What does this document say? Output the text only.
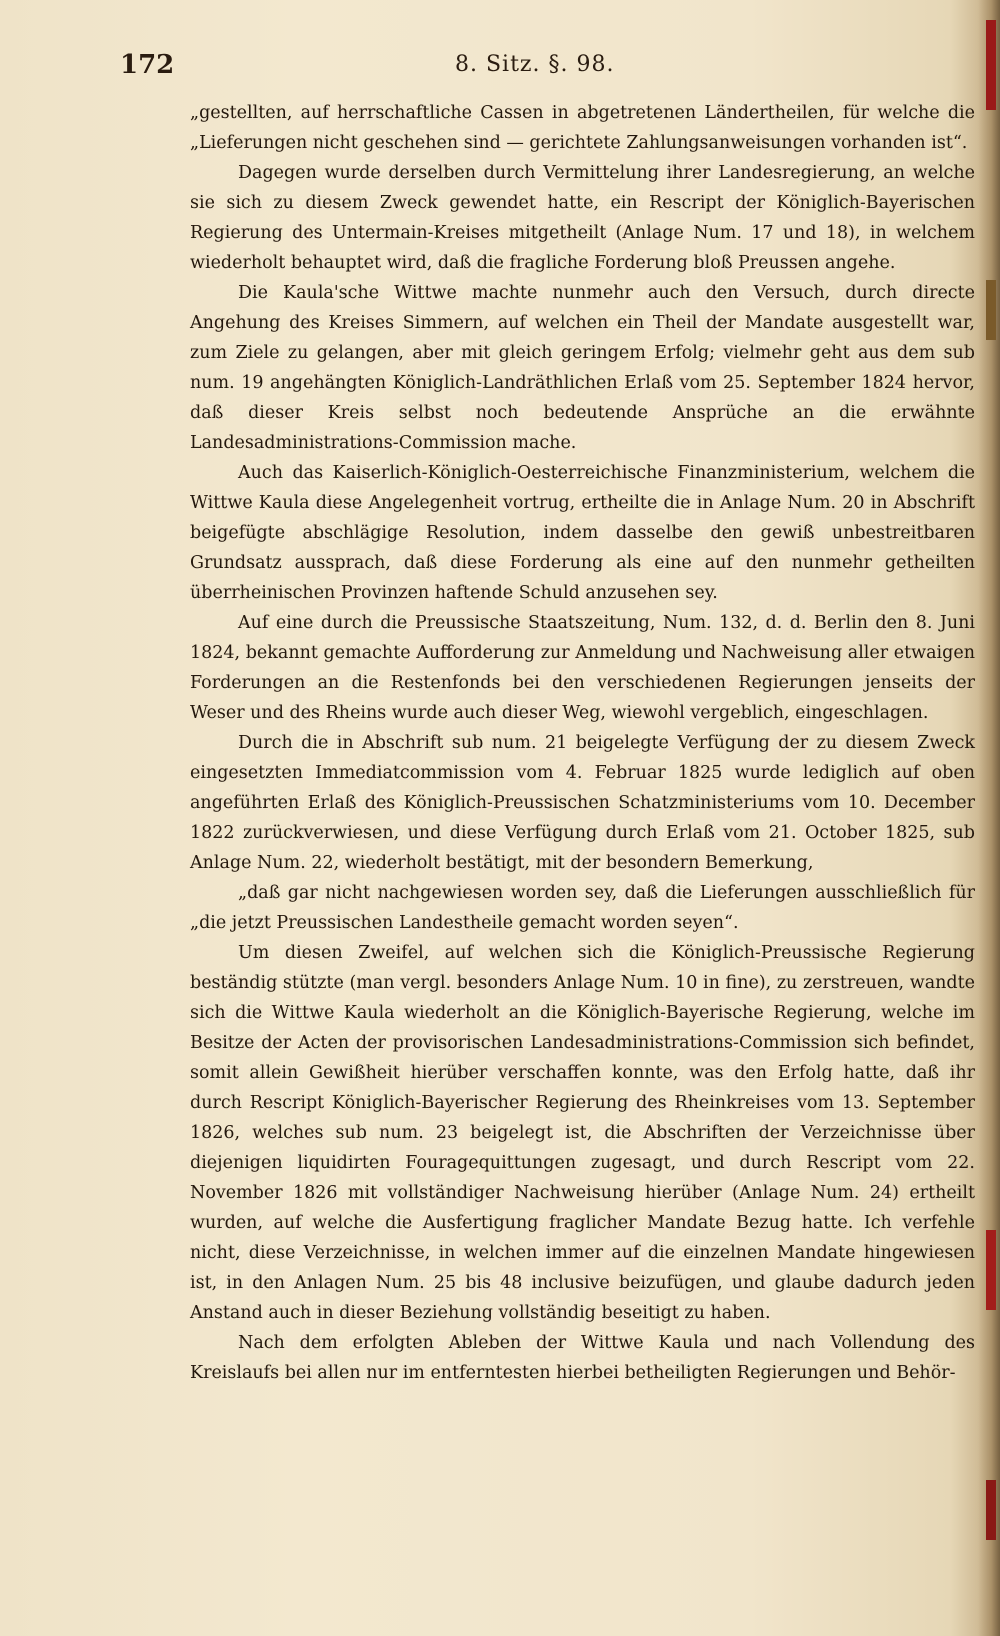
172	8. Sitz. §. 98.

„gestellten, auf herrschaftliche Cassen in abgetretenen Ländertheilen, für welche die „Lieferungen nicht geschehen sind — gerichtete Zahlungsanweisungen vorhanden ist“.

Dagegen wurde derselben durch Vermittelung ihrer Landesregierung, an welche sie sich zu diesem Zweck gewendet hatte, ein Rescript der Königlich-Bayerischen Regierung des Untermain-Kreises mitgetheilt (Anlage Num. 17 und 18), in welchem wiederholt behauptet wird, daß die fragliche Forderung bloß Preussen angehe.

Die Kaula'sche Wittwe machte nunmehr auch den Versuch, durch directe Angehung des Kreises Simmern, auf welchen ein Theil der Mandate ausgestellt war, zum Ziele zu gelangen, aber mit gleich geringem Erfolg; vielmehr geht aus dem sub num. 19 angehängten Königlich-Landräthlichen Erlaß vom 25. September 1824 hervor, daß dieser Kreis selbst noch bedeutende Ansprüche an die erwähnte Landesadministrations-Commission mache.

Auch das Kaiserlich-Königlich-Oesterreichische Finanzministerium, welchem die Wittwe Kaula diese Angelegenheit vortrug, ertheilte die in Anlage Num. 20 in Abschrift beigefügte abschlägige Resolution, indem dasselbe den gewiß unbestreitbaren Grundsatz aussprach, daß diese Forderung als eine auf den nunmehr getheilten überrheinischen Provinzen haftende Schuld anzusehen sey.

Auf eine durch die Preussische Staatszeitung, Num. 132, d. d. Berlin den 8. Juni 1824, bekannt gemachte Aufforderung zur Anmeldung und Nachweisung aller etwaigen Forderungen an die Restenfonds bei den verschiedenen Regierungen jenseits der Weser und des Rheins wurde auch dieser Weg, wiewohl vergeblich, eingeschlagen.

Durch die in Abschrift sub num. 21 beigelegte Verfügung der zu diesem Zweck eingesetzten Immediatcommission vom 4. Februar 1825 wurde lediglich auf oben angeführten Erlaß des Königlich-Preussischen Schatzministeriums vom 10. December 1822 zurückverwiesen, und diese Verfügung durch Erlaß vom 21. October 1825, sub Anlage Num. 22, wiederholt bestätigt, mit der besondern Bemerkung,

„daß gar nicht nachgewiesen worden sey, daß die Lieferungen ausschließlich für „die jetzt Preussischen Landestheile gemacht worden seyen“.

Um diesen Zweifel, auf welchen sich die Königlich-Preussische Regierung beständig stützte (man vergl. besonders Anlage Num. 10 in fine), zu zerstreuen, wandte sich die Wittwe Kaula wiederholt an die Königlich-Bayerische Regierung, welche im Besitze der Acten der provisorischen Landesadministrations-Commission sich befindet, somit allein Gewißheit hierüber verschaffen konnte, was den Erfolg hatte, daß ihr durch Rescript Königlich-Bayerischer Regierung des Rheinkreises vom 13. September 1826, welches sub num. 23 beigelegt ist, die Abschriften der Verzeichnisse über diejenigen liquidirten Fouragequittungen zugesagt, und durch Rescript vom 22. November 1826 mit vollständiger Nachweisung hierüber (Anlage Num. 24) ertheilt wurden, auf welche die Ausfertigung fraglicher Mandate Bezug hatte. Ich verfehle nicht, diese Verzeichnisse, in welchen immer auf die einzelnen Mandate hingewiesen ist, in den Anlagen Num. 25 bis 48 inclusive beizufügen, und glaube dadurch jeden Anstand auch in dieser Beziehung vollständig beseitigt zu haben.

Nach dem erfolgten Ableben der Wittwe Kaula und nach Vollendung des Kreislaufs bei allen nur im entferntesten hierbei betheiligten Regierungen und Behör-
